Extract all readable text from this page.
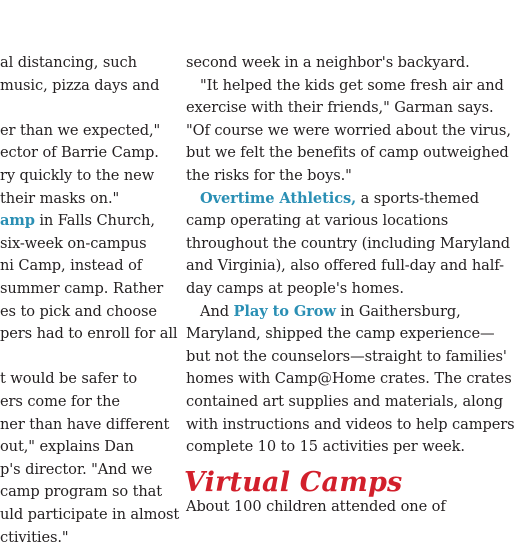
al distancing, such
music, pizza days and
er than we expected,"
ector of Barrie Camp.
ry quickly to the new
their masks on."
amp in Falls Church,
six-week on-campus
ni Camp, instead of
summer camp. Rather
es to pick and choose
pers had to enroll for all
t would be safer to
ers come for the
ner than have different
out," explains Dan
p's director. "And we
camp program so that
uld participate in almost
ctivities."
second week in a neighbor's backyard.
"It helped the kids get some fresh air and
exercise with their friends," Garman says.
"Of course we were worried about the virus,
but we felt the benefits of camp outweighed
the risks for the boys."
Overtime Athletics, a sports-themed
camp operating at various locations
throughout the country (including Maryland
and Virginia), also offered full-day and half-
day camps at people's homes.
And Play to Grow in Gaithersburg,
Maryland, shipped the camp experience—
but not the counselors—straight to families'
homes with Camp@Home crates. The crates
contained art supplies and materials, along
with instructions and videos to help campers
complete 10 to 15 activities per week.
Virtual Camps
About 100 children attended one of
